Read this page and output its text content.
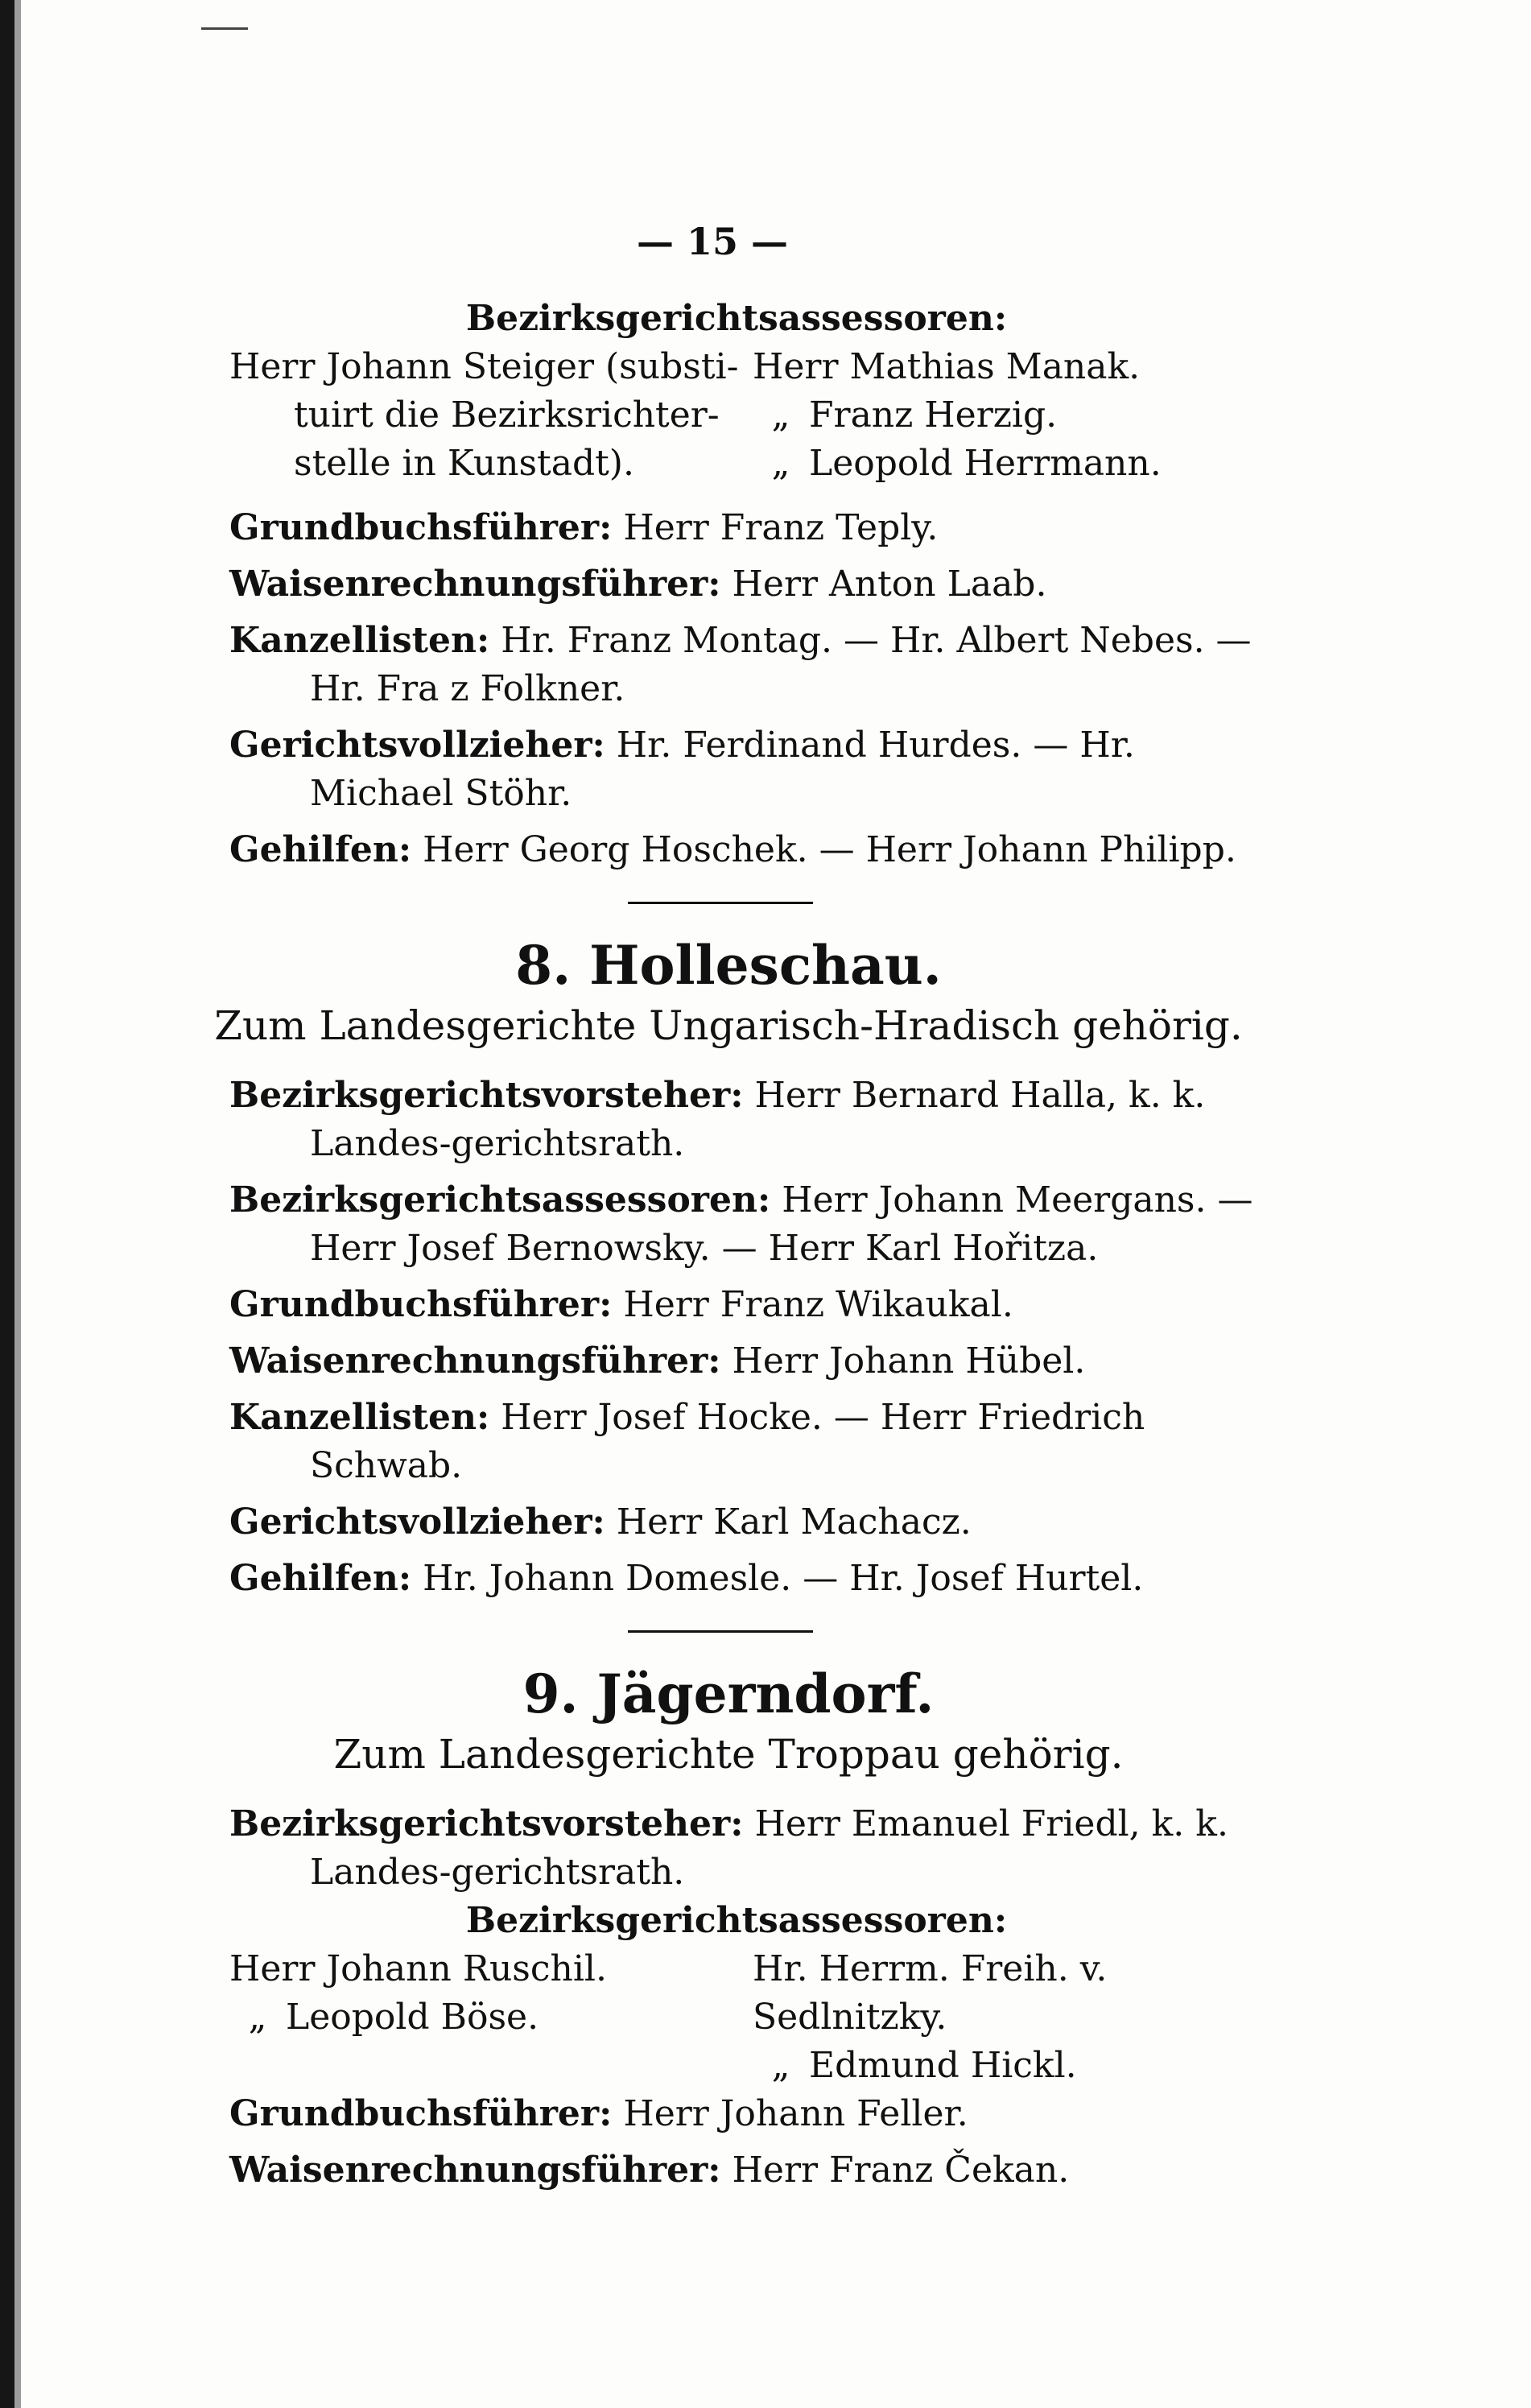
— 15 —
Bezirksgerichtsassessoren:
Herr Johann Steiger (substi-
tuirt die Bezirksrichter-
stelle in Kunstadt).
Herr Mathias Manak.
„ Franz Herzig.
„ Leopold Herrmann.

Grundbuchsführer: Herr Franz Teply.

Waisenrechnungsführer: Herr Anton Laab.

Kanzellisten: Hr. Franz Montag. — Hr. Albert Nebes. — Hr. Fra z Folkner.

Gerichtsvollzieher: Hr. Ferdinand Hurdes. — Hr. Michael Stöhr.

Gehilfen: Herr Georg Hoschek. — Herr Johann Philipp.

8. Holleschau.
Zum Landesgerichte Ungarisch-Hradisch gehörig.

Bezirksgerichtsvorsteher: Herr Bernard Halla, k. k. Landes-gerichtsrath.

Bezirksgerichtsassessoren: Herr Johann Meergans. — Herr Josef Bernowsky. — Herr Karl Hořitza.

Grundbuchsführer: Herr Franz Wikaukal.

Waisenrechnungsführer: Herr Johann Hübel.

Kanzellisten: Herr Josef Hocke. — Herr Friedrich Schwab.

Gerichtsvollzieher: Herr Karl Machacz.

Gehilfen: Hr. Johann Domesle. — Hr. Josef Hurtel.

9. Jägerndorf.
Zum Landesgerichte Troppau gehörig.

Bezirksgerichtsvorsteher: Herr Emanuel Friedl, k. k. Landes-gerichtsrath.

Bezirksgerichtsassessoren:
Herr Johann Ruschil.
„ Leopold Böse.
Hr. Herrm. Freih. v. Sedlnitzky.
„ Edmund Hickl.

Grundbuchsführer: Herr Johann Feller.

Waisenrechnungsführer: Herr Franz Čekan.
